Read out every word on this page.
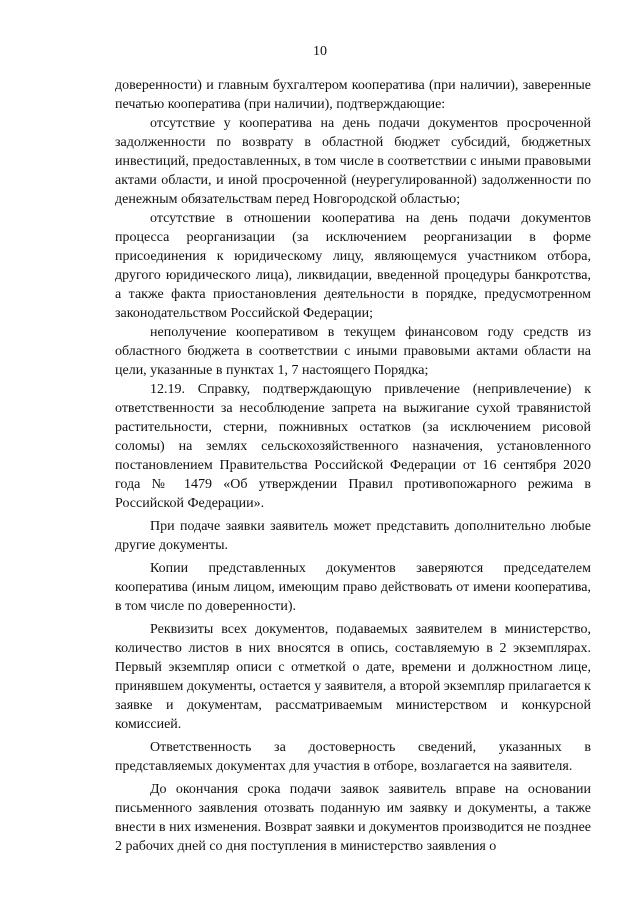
10

доверенности) и главным бухгалтером кооператива (при наличии), заверенные печатью кооператива (при наличии), подтверждающие:

отсутствие у кооператива на день подачи документов просроченной задолженности по возврату в областной бюджет субсидий, бюджетных инвестиций, предоставленных, в том числе в соответствии с иными правовыми актами области, и иной просроченной (неурегулированной) задолженности по денежным обязательствам перед Новгородской областью;

отсутствие в отношении кооператива на день подачи документов процесса реорганизации (за исключением реорганизации в форме присоединения к юридическому лицу, являющемуся участником отбора, другого юридического лица), ликвидации, введенной процедуры банкротства, а также факта приостановления деятельности в порядке, предусмотренном законодательством Российской Федерации;

неполучение кооперативом в текущем финансовом году средств из областного бюджета в соответствии с иными правовыми актами области на цели, указанные в пунктах 1, 7 настоящего Порядка;

12.19. Справку, подтверждающую привлечение (непривлечение) к ответственности за несоблюдение запрета на выжигание сухой травянистой растительности, стерни, пожнивных остатков (за исключением рисовой соломы) на землях сельскохозяйственного назначения, установленного постановлением Правительства Российской Федерации от 16 сентября 2020 года № 1479 «Об утверждении Правил противопожарного режима в Российской Федерации».

При подаче заявки заявитель может представить дополнительно любые другие документы.

Копии представленных документов заверяются председателем кооператива (иным лицом, имеющим право действовать от имени кооператива, в том числе по доверенности).

Реквизиты всех документов, подаваемых заявителем в министерство, количество листов в них вносятся в опись, составляемую в 2 экземплярах. Первый экземпляр описи с отметкой о дате, времени и должностном лице, принявшем документы, остается у заявителя, а второй экземпляр прилагается к заявке и документам, рассматриваемым министерством и конкурсной комиссией.

Ответственность за достоверность сведений, указанных в представляемых документах для участия в отборе, возлагается на заявителя.

До окончания срока подачи заявок заявитель вправе на основании письменного заявления отозвать поданную им заявку и документы, а также внести в них изменения. Возврат заявки и документов производится не позднее 2 рабочих дней со дня поступления в министерство заявления о
